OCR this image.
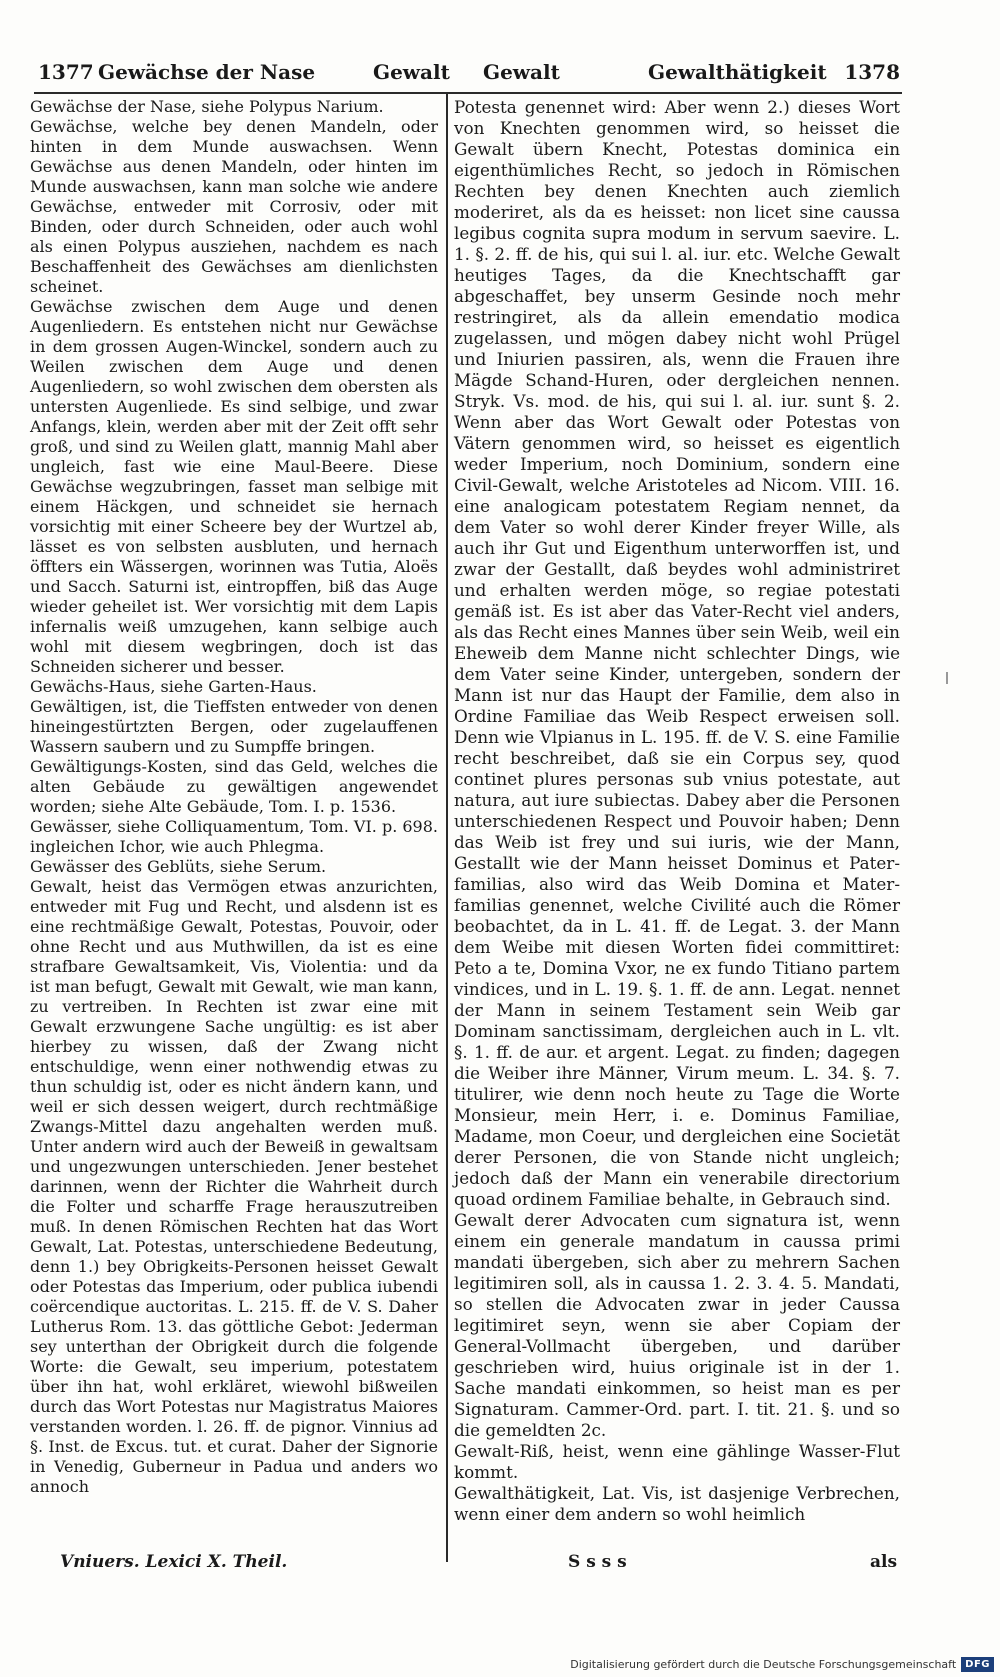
1377 Gewächse der Nase	Gewalt Gewalt	Gewalthätigkeit 1378

Gewächse der Nase, siehe Polypus Narium.

Gewächse, welche bey denen Mandeln, oder hinten in dem Munde auswachsen. Wenn Gewächse aus denen Mandeln, oder hinten im Munde auswachsen, kann man solche wie andere Gewächse, entweder mit Corrosiv, oder mit Binden, oder durch Schneiden, oder auch wohl als einen Polypus ausziehen, nachdem es nach Beschaffenheit des Gewächses am dienlichsten scheinet.

Gewächse zwischen dem Auge und denen Augenliedern. Es entstehen nicht nur Gewächse in dem grossen Augen-Winckel, sondern auch zu Weilen zwischen dem Auge und denen Augenliedern, so wohl zwischen dem obersten als untersten Augenliede. Es sind selbige, und zwar Anfangs, klein, werden aber mit der Zeit offt sehr groß, und sind zu Weilen glatt, mannig Mahl aber ungleich, fast wie eine Maul-Beere. Diese Gewächse wegzubringen, fasset man selbige mit einem Häckgen, und schneidet sie hernach vorsichtig mit einer Scheere bey der Wurtzel ab, lässet es von selbsten ausbluten, und hernach öffters ein Wässergen, worinnen was Tutia, Aloës und Sacch. Saturni ist, eintropffen, biß das Auge wieder geheilet ist. Wer vorsichtig mit dem Lapis infernalis weiß umzugehen, kann selbige auch wohl mit diesem wegbringen, doch ist das Schneiden sicherer und besser.

Gewächs-Haus, siehe Garten-Haus.

Gewältigen, ist, die Tieffsten entweder von denen hineingestürtzten Bergen, oder zugelauffenen Wassern saubern und zu Sumpffe bringen.

Gewältigungs-Kosten, sind das Geld, welches die alten Gebäude zu gewältigen angewendet worden; siehe Alte Gebäude, Tom. I. p. 1536.

Gewässer, siehe Colliquamentum, Tom. VI. p. 698. ingleichen Ichor, wie auch Phlegma.

Gewässer des Geblüts, siehe Serum.

Gewalt, heist das Vermögen etwas anzurichten, entweder mit Fug und Recht, und alsdenn ist es eine rechtmäßige Gewalt, Potestas, Pouvoir, oder ohne Recht und aus Muthwillen, da ist es eine strafbare Gewaltsamkeit, Vis, Violentia: und da ist man befugt, Gewalt mit Gewalt, wie man kann, zu vertreiben. In Rechten ist zwar eine mit Gewalt erzwungene Sache ungültig: es ist aber hierbey zu wissen, daß der Zwang nicht entschuldige, wenn einer nothwendig etwas zu thun schuldig ist, oder es nicht ändern kann, und weil er sich dessen weigert, durch rechtmäßige Zwangs-Mittel dazu angehalten werden muß. Unter andern wird auch der Beweiß in gewaltsam und ungezwungen unterschieden. Jener bestehet darinnen, wenn der Richter die Wahrheit durch die Folter und scharffe Frage herauszutreiben muß. In denen Römischen Rechten hat das Wort Gewalt, Lat. Potestas, unterschiedene Bedeutung, denn 1.) bey Obrigkeits-Personen heisset Gewalt oder Potestas das Imperium, oder publica iubendi coërcendique auctoritas. L. 215. ff. de V. S. Daher Lutherus Rom. 13. das göttliche Gebot: Jederman sey unterthan der Obrigkeit durch die folgende Worte: die Gewalt, seu imperium, potestatem über ihn hat, wohl erkläret, wiewohl bißweilen durch das Wort Potestas nur Magistratus Maiores verstanden worden. l. 26. ff. de pignor. Vinnius ad §. Inst. de Excus. tut. et curat. Daher der Signorie in Venedig, Guberneur in Padua und anders wo annoch

Potesta genennet wird: Aber wenn 2.) dieses Wort von Knechten genommen wird, so heisset die Gewalt übern Knecht, Potestas dominica ein eigenthümliches Recht, so jedoch in Römischen Rechten bey denen Knechten auch ziemlich moderiret, als da es heisset: non licet sine caussa legibus cognita supra modum in servum saevire. L. 1. §. 2. ff. de his, qui sui l. al. iur. etc. Welche Gewalt heutiges Tages, da die Knechtschafft gar abgeschaffet, bey unserm Gesinde noch mehr restringiret, als da allein emendatio modica zugelassen, und mögen dabey nicht wohl Prügel und Iniurien passiren, als, wenn die Frauen ihre Mägde Schand-Huren, oder dergleichen nennen. Stryk. Vs. mod. de his, qui sui l. al. iur. sunt §. 2. Wenn aber das Wort Gewalt oder Potestas von Vätern genommen wird, so heisset es eigentlich weder Imperium, noch Dominium, sondern eine Civil-Gewalt, welche Aristoteles ad Nicom. VIII. 16. eine analogicam potestatem Regiam nennet, da dem Vater so wohl derer Kinder freyer Wille, als auch ihr Gut und Eigenthum unterworffen ist, und zwar der Gestallt, daß beydes wohl administriret und erhalten werden möge, so regiae potestati gemäß ist. Es ist aber das Vater-Recht viel anders, als das Recht eines Mannes über sein Weib, weil ein Eheweib dem Manne nicht schlechter Dings, wie dem Vater seine Kinder, untergeben, sondern der Mann ist nur das Haupt der Familie, dem also in Ordine Familiae das Weib Respect erweisen soll. Denn wie Vlpianus in L. 195. ff. de V. S. eine Familie recht beschreibet, daß sie ein Corpus sey, quod continet plures personas sub vnius potestate, aut natura, aut iure subiectas. Dabey aber die Personen unterschiedenen Respect und Pouvoir haben; Denn das Weib ist frey und sui iuris, wie der Mann, Gestallt wie der Mann heisset Dominus et Pater-familias, also wird das Weib Domina et Mater-familias genennet, welche Civilité auch die Römer beobachtet, da in L. 41. ff. de Legat. 3. der Mann dem Weibe mit diesen Worten fidei committiret: Peto a te, Domina Vxor, ne ex fundo Titiano partem vindices, und in L. 19. §. 1. ff. de ann. Legat. nennet der Mann in seinem Testament sein Weib gar Dominam sanctissimam, dergleichen auch in L. vlt. §. 1. ff. de aur. et argent. Legat. zu finden; dagegen die Weiber ihre Männer, Virum meum. L. 34. §. 7. titulirer, wie denn noch heute zu Tage die Worte Monsieur, mein Herr, i. e. Dominus Familiae, Madame, mon Coeur, und dergleichen eine Societät derer Personen, die von Stande nicht ungleich; jedoch daß der Mann ein venerabile directorium quoad ordinem Familiae behalte, in Gebrauch sind.

Gewalt derer Advocaten cum signatura ist, wenn einem ein generale mandatum in caussa primi mandati übergeben, sich aber zu mehrern Sachen legitimiren soll, als in caussa 1. 2. 3. 4. 5. Mandati, so stellen die Advocaten zwar in jeder Caussa legitimiret seyn, wenn sie aber Copiam der General-Vollmacht übergeben, und darüber geschrieben wird, huius originale ist in der 1. Sache mandati einkommen, so heist man es per Signaturam. Cammer-Ord. part. I. tit. 21. §. und so die gemeldten 2c.

Gewalt-Riß, heist, wenn eine gählinge Wasser-Flut kommt.

Gewalthätigkeit, Lat. Vis, ist dasjenige Verbrechen, wenn einer dem andern so wohl heimlich

Vniuers. Lexici X. Theil.	S s s s	als
Digitalisierung gefördert durch die Deutsche Forschungsgemeinschaft DFG
